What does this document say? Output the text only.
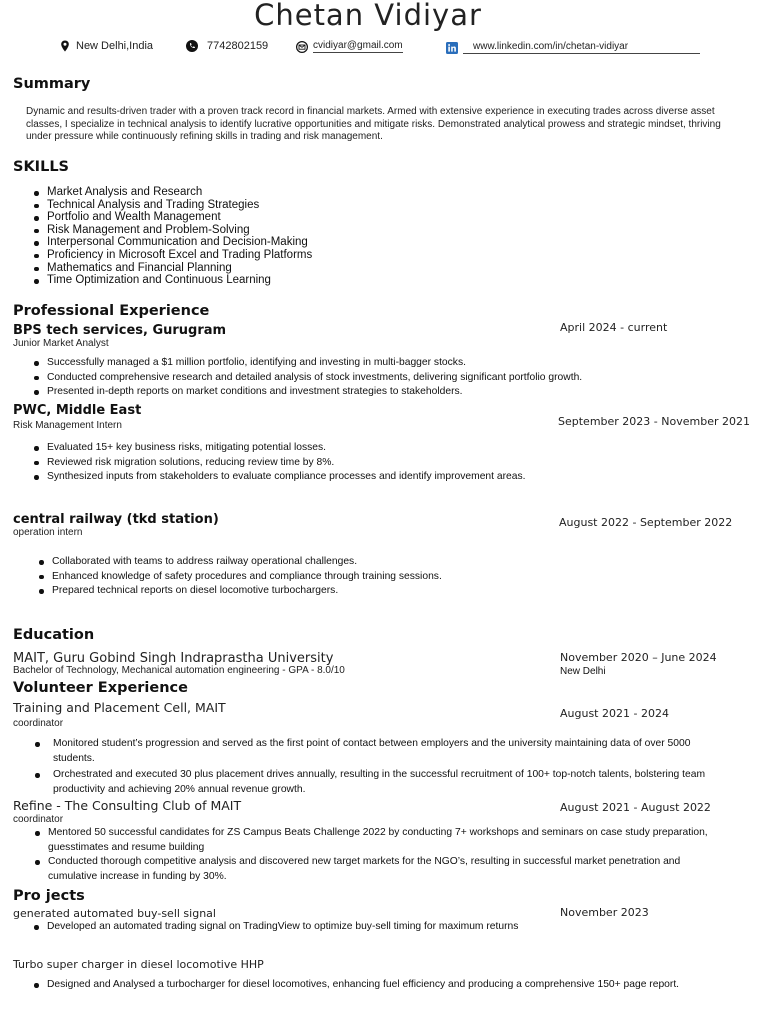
Chetan Vidiyar
New Delhi,India	7742802159	cvidiyar@gmail.com	www.linkedin.com/in/chetan-vidiyar
Summary
Dynamic and results-driven trader with a proven track record in financial markets. Armed with extensive experience in executing trades across diverse asset classes, I specialize in technical analysis to identify lucrative opportunities and mitigate risks. Demonstrated analytical prowess and strategic mindset, thriving under pressure while continuously refining skills in trading and risk management.
SKILLS
Market Analysis and Research
Technical Analysis and Trading Strategies
Portfolio and Wealth Management
Risk Management and Problem-Solving
Interpersonal Communication and Decision-Making
Proficiency in Microsoft Excel and Trading Platforms
Mathematics and Financial Planning
Time Optimization and Continuous Learning
Professional Experience
BPS tech services, Gurugram
Junior Market Analyst
April 2024 - current
Successfully managed a $1 million portfolio, identifying and investing in multi-bagger stocks.
Conducted comprehensive research and detailed analysis of stock investments, delivering significant portfolio growth.
Presented in-depth reports on market conditions and investment strategies to stakeholders.
PWC, Middle East
Risk Management Intern	September 2023 - November 2021
Evaluated 15+ key business risks, mitigating potential losses.
Reviewed risk migration solutions, reducing review time by 8%.
Synthesized inputs from stakeholders to evaluate compliance processes and identify improvement areas.
central railway (tkd station)
operation intern
August 2022 - September 2022
Collaborated with teams to address railway operational challenges.
Enhanced knowledge of safety procedures and compliance through training sessions.
Prepared technical reports on diesel locomotive turbochargers.
Education
MAIT, Guru Gobind Singh Indraprastha University
Bachelor of Technology, Mechanical automation engineering - GPA - 8.0/10
November 2020 – June 2024
New Delhi
Volunteer Experience
Training and Placement Cell, MAIT
coordinator
August 2021 - 2024
Monitored student’s progression and served as the first point of contact between employers and the university maintaining data of over 5000 students.
Orchestrated and executed 30 plus placement drives annually, resulting in the successful recruitment of 100+ top-notch talents, bolstering team productivity and achieving 20% annual revenue growth.
Refine - The Consulting Club of MAIT
coordinator
August 2021 - August 2022
Mentored 50 successful candidates for ZS Campus Beats Challenge 2022 by conducting 7+ workshops and seminars on case study preparation, guesstimates and resume building
Conducted thorough competitive analysis and discovered new target markets for the NGO’s, resulting in successful market penetration and cumulative increase in funding by 30%.
Pro jects
generated automated buy-sell signal	November 2023
Developed an automated trading signal on TradingView to optimize buy-sell timing for maximum returns
Turbo super charger in diesel locomotive HHP
Designed and Analysed a turbocharger for diesel locomotives, enhancing fuel efficiency and producing a comprehensive 150+ page report.
